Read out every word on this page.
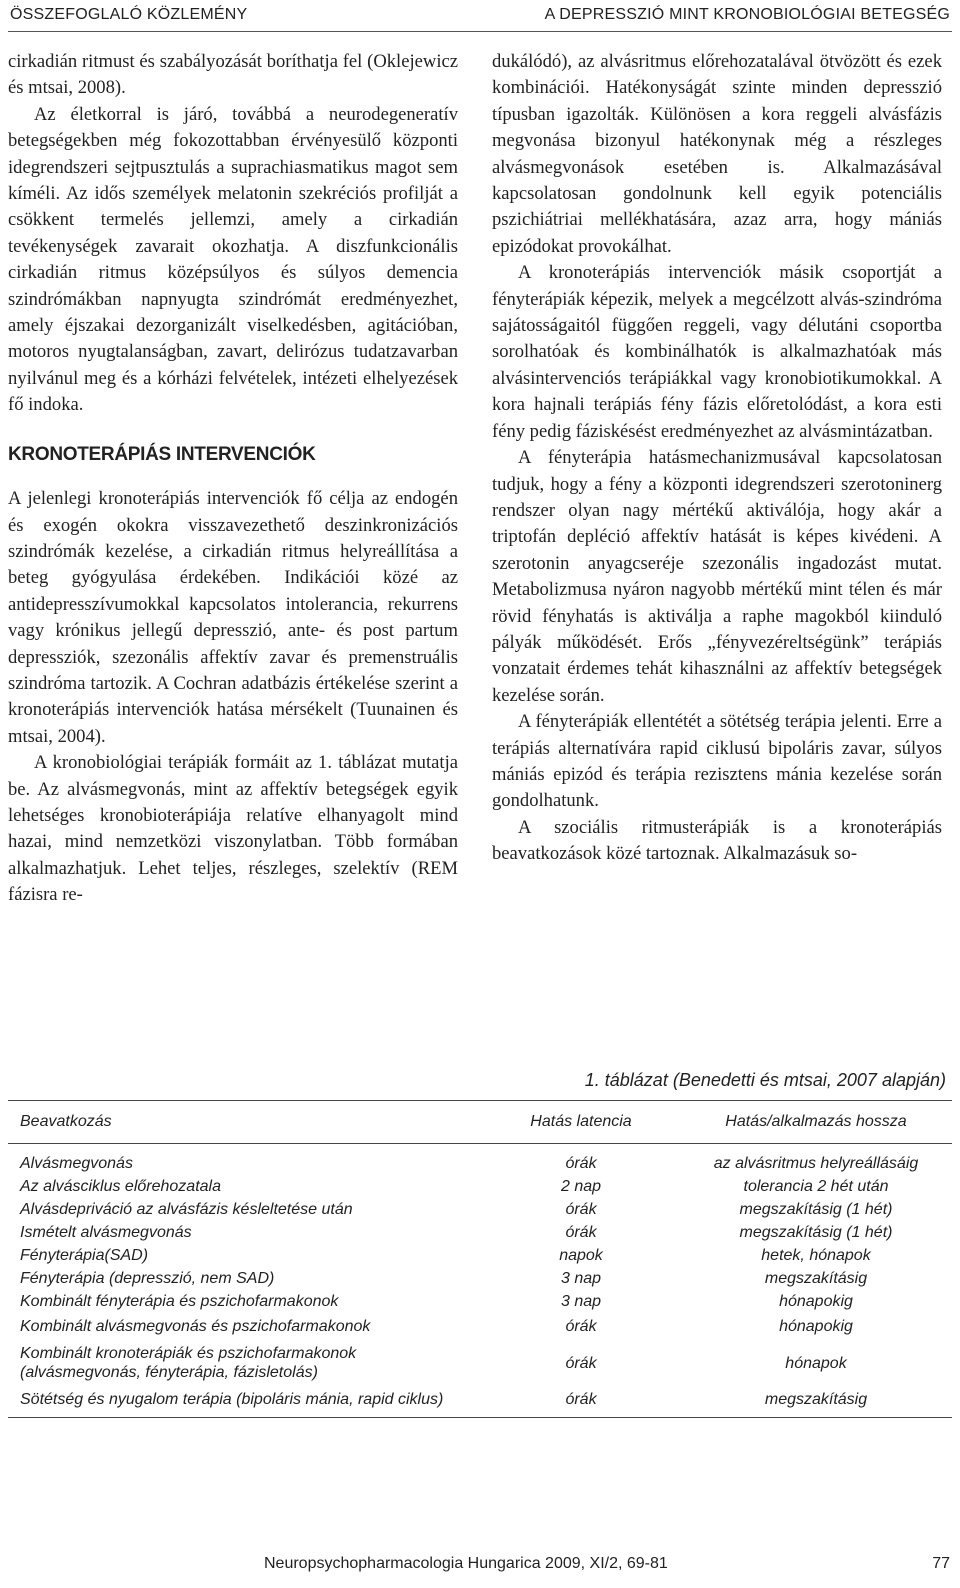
ÖSSZEFOGLALÓ KÖZLEMÉNY	A DEPRESSZIÓ MINT KRONOBIOLÓGIAI BETEGSÉG

cirkadián ritmust és szabályozását boríthatja fel (Oklejewicz és mtsai, 2008).

Az életkorral is járó, továbbá a neurodegeneratív betegségekben még fokozottabban érvényesülő központi idegrendszeri sejtpusztulás a suprachiasmatikus magot sem kíméli. Az idős személyek melatonin szekréciós profilját a csökkent termelés jellemzi, amely a cirkadián tevékenységek zavarait okozhatja. A diszfunkcionális cirkadián ritmus középsúlyos és súlyos demencia szindrómákban napnyugta szindrómát eredményezhet, amely éjszakai dezorganizált viselkedésben, agitációban, motoros nyugtalanságban, zavart, delirózus tudatzavarban nyilvánul meg és a kórházi felvételek, intézeti elhelyezések fő indoka.

KRONOTERÁPIÁS INTERVENCIÓK

A jelenlegi kronoterápiás intervenciók fő célja az endogén és exogén okokra visszavezethető deszinkronizációs szindrómák kezelése, a cirkadián ritmus helyreállítása a beteg gyógyulása érdekében. Indikációi közé az antidepresszívumokkal kapcsolatos intolerancia, rekurrens vagy krónikus jellegű depresszió, ante- és post partum depressziók, szezonális affektív zavar és premenstruális szindróma tartozik. A Cochran adatbázis értékelése szerint a kronoterápiás intervenciók hatása mérsékelt (Tuunainen és mtsai, 2004).

A kronobiológiai terápiák formáit az 1. táblázat mutatja be. Az alvásmegvonás, mint az affektív betegségek egyik lehetséges kronobioterápiája relatíve elhanyagolt mind hazai, mind nemzetközi viszonylatban. Több formában alkalmazhatjuk. Lehet teljes, részleges, szelektív (REM fázisra re-

dukálódó), az alvásritmus előrehozatalával ötvözött és ezek kombinációi. Hatékonyságát szinte minden depresszió típusban igazolták. Különösen a kora reggeli alvásfázis megvonása bizonyul hatékonynak még a részleges alvásmegvonások esetében is. Alkalmazásával kapcsolatosan gondolnunk kell egyik potenciális pszichiátriai mellékhatására, azaz arra, hogy mániás epizódokat provokálhat.

A kronoterápiás intervenciók másik csoportját a fényterápiák képezik, melyek a megcélzott alvás-szindróma sajátosságaitól függően reggeli, vagy délutáni csoportba sorolhatóak és kombinálhatók is alkalmazhatóak más alvásintervenciós terápiákkal vagy kronobiotikumokkal. A kora hajnali terápiás fény fázis előretolódást, a kora esti fény pedig fáziskésést eredményezhet az alvásmintázatban.

A fényterápia hatásmechanizmusával kapcsolatosan tudjuk, hogy a fény a központi idegrendszeri szerotoninerg rendszer olyan nagy mértékű aktiválója, hogy akár a triptofán depléció affektív hatását is képes kivédeni. A szerotonin anyagcseréje szezonális ingadozást mutat. Metabolizmusa nyáron nagyobb mértékű mint télen és már rövid fényhatás is aktiválja a raphe magokból kiinduló pályák működését. Erős „fényvezéreltségünk” terápiás vonzatait érdemes tehát kihasználni az affektív betegségek kezelése során.

A fényterápiák ellentétét a sötétség terápia jelenti. Erre a terápiás alternatívára rapid ciklusú bipoláris zavar, súlyos mániás epizód és terápia rezisztens mánia kezelése során gondolhatunk.

A szociális ritmusterápiák is a kronoterápiás beavatkozások közé tartoznak. Alkalmazásuk so-

1. táblázat (Benedetti és mtsai, 2007 alapján)
Beavatkozás	Hatás latencia	Hatás/alkalmazás hossza
Alvásmegvonás	órák	az alvásritmus helyreállásáig
Az alvásciklus előrehozatala	2 nap	tolerancia 2 hét után
Alvásdepriváció az alvásfázis késleltetése után	órák	megszakításig (1 hét)
Ismételt alvásmegvonás	órák	megszakításig (1 hét)
Fényterápia(SAD)	napok	hetek, hónapok
Fényterápia (depresszió, nem SAD)	3 nap	megszakításig
Kombinált fényterápia és pszichofarmakonok	3 nap	hónapokig
Kombinált alvásmegvonás és pszichofarmakonok	órák	hónapokig
Kombinált kronoterápiák és pszichofarmakonok (alvásmegvonás, fényterápia, fázisletolás)	órák	hónapok
Sötétség és nyugalom terápia (bipoláris mánia, rapid ciklus)	órák	megszakításig
Neuropsychopharmacologia Hungarica 2009, XI/2, 69-81	77
